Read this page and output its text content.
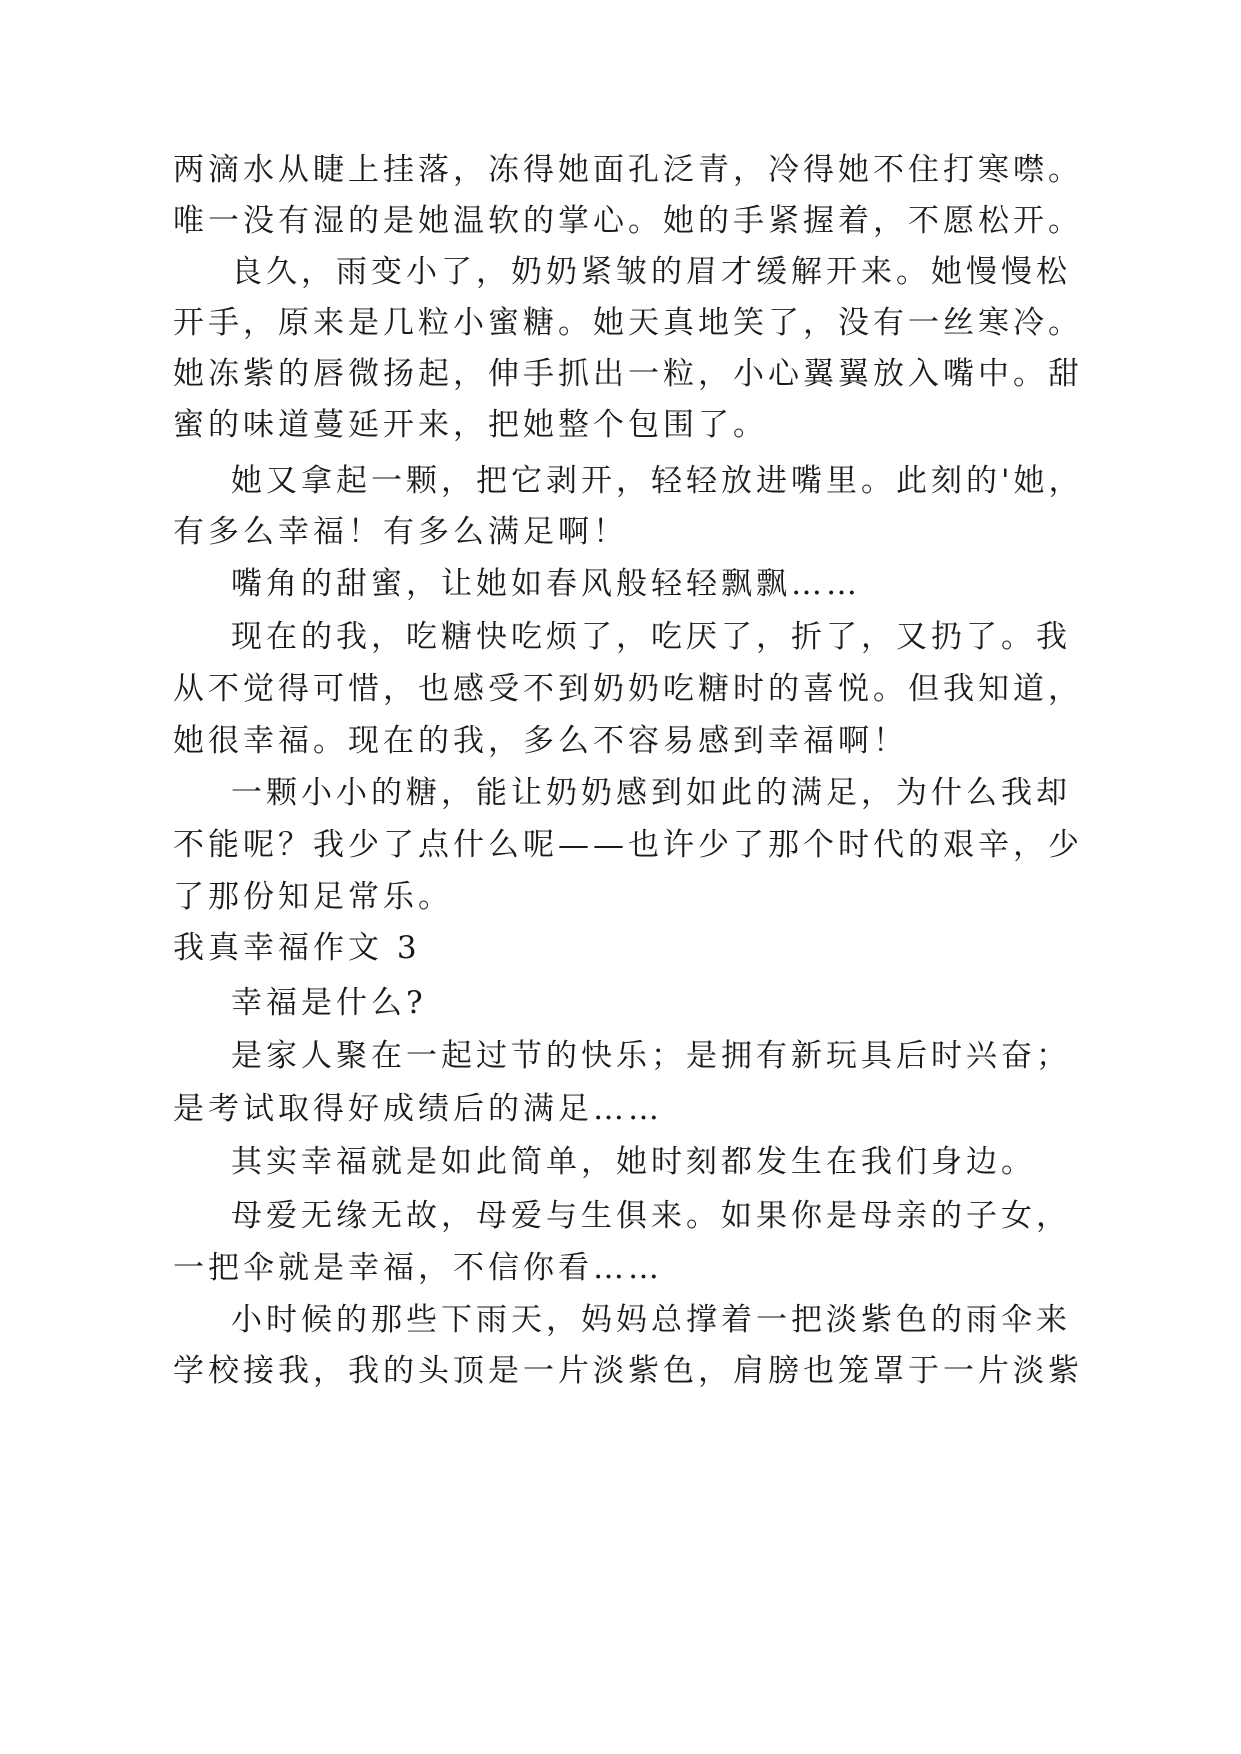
两滴水从睫上挂落，冻得她面孔泛青，冷得她不住打寒噤。

唯一没有湿的是她温软的掌心。她的手紧握着，不愿松开。

良久，雨变小了，奶奶紧皱的眉才缓解开来。她慢慢松

开手，原来是几粒小蜜糖。她天真地笑了，没有一丝寒冷。

她冻紫的唇微扬起，伸手抓出一粒，小心翼翼放入嘴中。甜

蜜的味道蔓延开来，把她整个包围了。

她又拿起一颗，把它剥开，轻轻放进嘴里。此刻的'她，

有多么幸福！有多么满足啊！

嘴角的甜蜜，让她如春风般轻轻飘飘……

现在的我，吃糖快吃烦了，吃厌了，折了，又扔了。我

从不觉得可惜，也感受不到奶奶吃糖时的喜悦。但我知道，

她很幸福。现在的我，多么不容易感到幸福啊！

一颗小小的糖，能让奶奶感到如此的满足，为什么我却

不能呢？我少了点什么呢——也许少了那个时代的艰辛，少

了那份知足常乐。

我真幸福作文 3

幸福是什么?

是家人聚在一起过节的快乐；是拥有新玩具后时兴奋；

是考试取得好成绩后的满足……

其实幸福就是如此简单，她时刻都发生在我们身边。

母爱无缘无故，母爱与生俱来。如果你是母亲的子女，

一把伞就是幸福，不信你看……

小时候的那些下雨天，妈妈总撑着一把淡紫色的雨伞来

学校接我，我的头顶是一片淡紫色，肩膀也笼罩于一片淡紫
